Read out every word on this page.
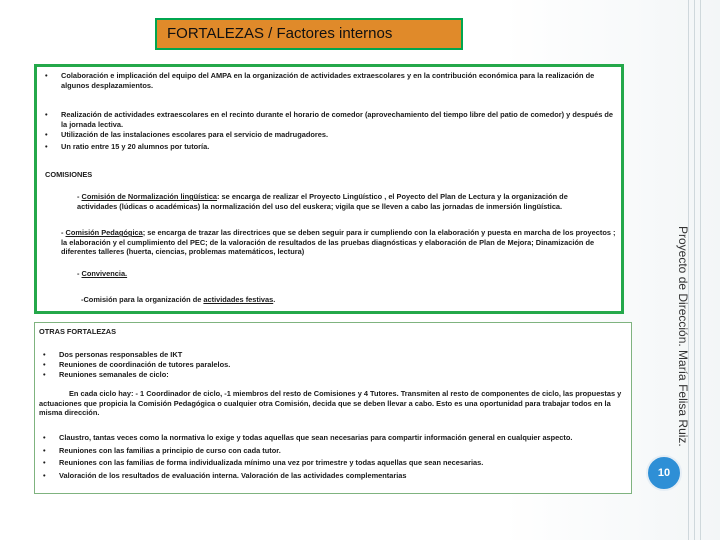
FORTALEZAS / Factores internos
• Colaboración e implicación del equipo del AMPA en la organización de actividades extraescolares y en la contribución económica para la realización de algunos desplazamientos.
• Realización de actividades extraescolares en el recinto durante el horario de comedor (aprovechamiento del tiempo libre del patio de comedor) y después de la jornada lectiva.
• Utilización de las instalaciones escolares para el servicio de madrugadores.
• Un ratio entre 15 y 20 alumnos por tutoría.
COMISIONES
- Comisión de Normalización lingüística: se encarga de realizar el Proyecto Lingüístico , el Poyecto del Plan de Lectura y la organización de actividades (lúdicas o académicas) la normalización del uso del euskera; vigila que se lleven a cabo las jornadas de inmersión lingüística.
- Comisión Pedagógica; se encarga de trazar las directrices que se deben seguir para ir cumpliendo con la elaboración y puesta en marcha de los proyectos ; la elaboración y el cumplimiento del PEC; de la valoración de resultados de las pruebas diagnósticas y elaboración de Plan de Mejora; Dinamización de diferentes talleres (huerta, ciencias, problemas matemáticos, lectura)
- Convivencia.
-Comisión para la organización de actividades festivas.
OTRAS FORTALEZAS
• Dos personas responsables de IKT
• Reuniones de coordinación de tutores paralelos.
• Reuniones semanales de ciclo:
En cada ciclo hay: - 1 Coordinador de ciclo, -1 miembros del resto de Comisiones y 4 Tutores. Transmiten al resto de componentes de ciclo, las propuestas y actuaciones que propicia la Comisión Pedagógica o cualquier otra Comisión, decida que se deben llevar a cabo. Esto es una oportunidad para trabajar todos en la misma dirección.
• Claustro, tantas veces como la normativa lo exige y todas aquellas que sean necesarias para compartir información general en cualquier aspecto.
• Reuniones con las familias a principio de curso con cada tutor.
• Reuniones con las familias de forma individualizada mínimo una vez por trimestre y todas aquellas que sean necesarias.
• Valoración de los resultados de evaluación interna. Valoración de las actividades complementarias
Proyecto de Dirección. María Felisa Ruiz.
10
